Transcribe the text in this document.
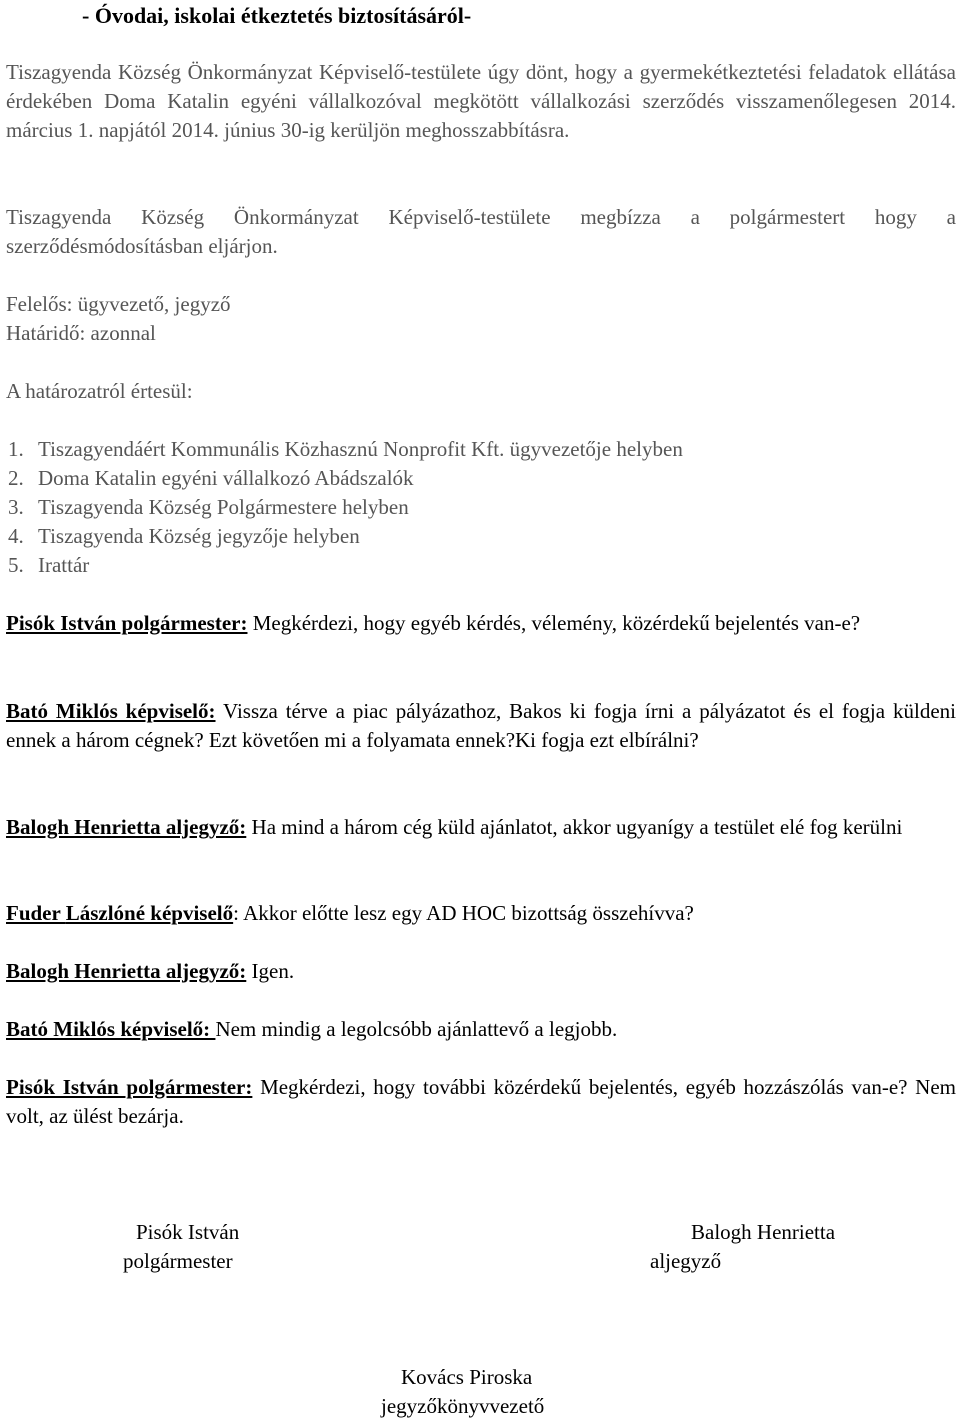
- Óvodai, iskolai étkeztetés biztosításáról-
Tiszagyenda Község Önkormányzat Képviselő-testülete úgy dönt, hogy a gyermekétkeztetési feladatok ellátása érdekében Doma Katalin egyéni vállalkozóval megkötött vállalkozási szerződés visszamenőlegesen 2014. március 1. napjától 2014. június 30-ig kerüljön meghosszabbításra.
Tiszagyenda Község Önkormányzat Képviselő-testülete megbízza a polgármestert hogy a szerződésmódosításban eljárjon.
Felelős: ügyvezető, jegyző
Határidő: azonnal
A határozatról értesül:
1. Tiszagyendáért Kommunális Közhasznú Nonprofit Kft. ügyvezetője helyben
2. Doma Katalin egyéni vállalkozó Abádszalók
3. Tiszagyenda Község Polgármestere helyben
4. Tiszagyenda Község jegyzője helyben
5. Irattár
Pisók István polgármester: Megkérdezi, hogy egyéb kérdés, vélemény, közérdekű bejelentés van-e?
Bató Miklós képviselő: Vissza térve a piac pályázathoz, Bakos ki fogja írni a pályázatot és el fogja küldeni ennek a három cégnek? Ezt követően mi a folyamata ennek?Ki fogja ezt elbírálni?
Balogh Henrietta aljegyző: Ha mind a három cég küld ajánlatot, akkor ugyanígy a testület elé fog kerülni
Fuder Lászlóné képviselő: Akkor előtte lesz egy AD HOC bizottság összehívva?
Balogh Henrietta aljegyző: Igen.
Bató Miklós képviselő: Nem mindig a legolcsóbb ajánlattevő a legjobb.
Pisók István polgármester: Megkérdezi, hogy további közérdekű bejelentés, egyéb hozzászólás van-e? Nem volt, az ülést bezárja.
Pisók István
polgármester
Balogh Henrietta
aljegyző
Kovács Piroska
jegyzőkönyvvezető
